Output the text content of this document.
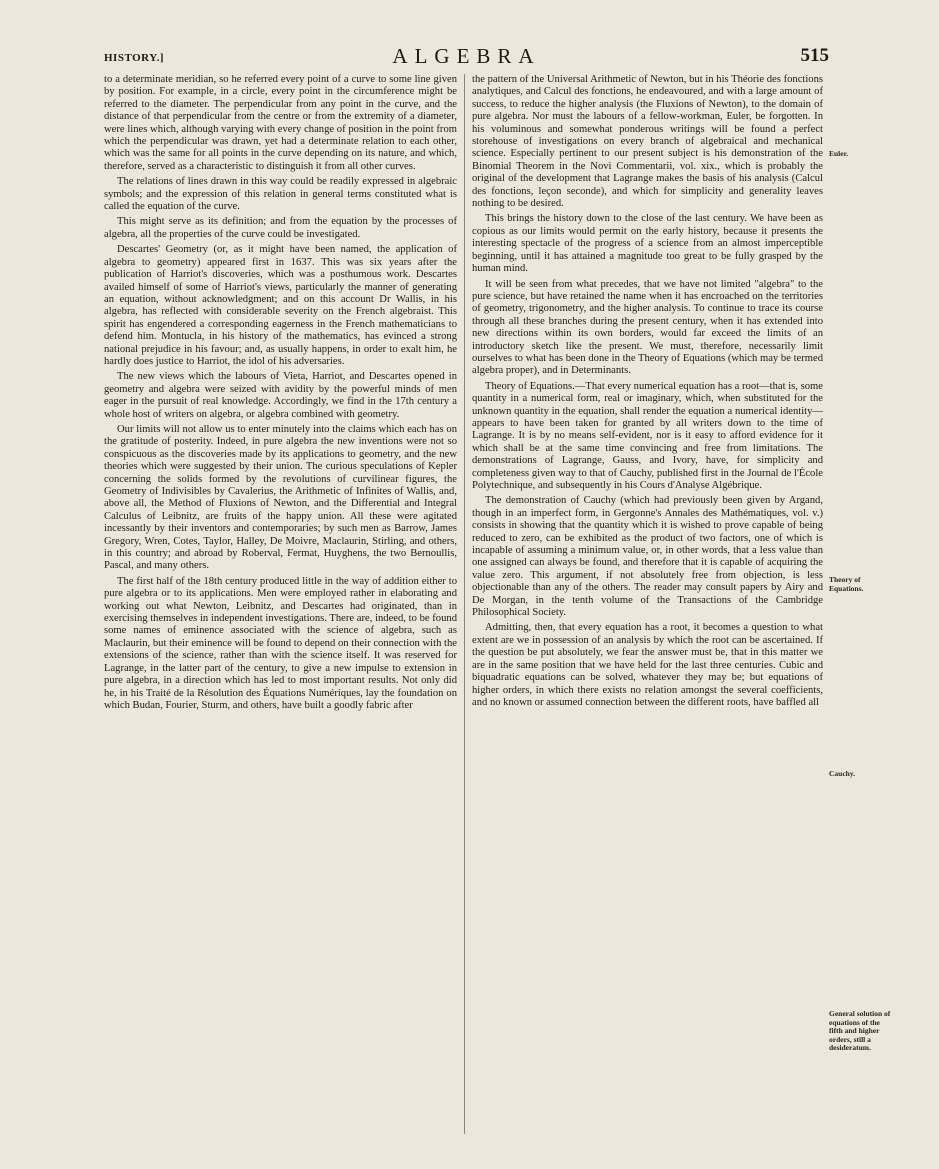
HISTORY.]	ALGEBRA	515

to a determinate meridian, so he referred every point of a curve to some line given by position. For example, in a circle, every point in the circumference might be referred to the diameter. The perpendicular from any point in the curve, and the distance of that perpendicular from the centre or from the extremity of a diameter, were lines which, although varying with every change of position in the point from which the perpendicular was drawn, yet had a determinate relation to each other, which was the same for all points in the curve depending on its nature, and which, therefore, served as a characteristic to distinguish it from all other curves.

The relations of lines drawn in this way could be readily expressed in algebraic symbols; and the expression of this relation in general terms constituted what is called the equation of the curve.

This might serve as its definition; and from the equation by the processes of algebra, all the properties of the curve could be investigated.

Descartes' Geometry (or, as it might have been named, the application of algebra to geometry) appeared first in 1637. This was six years after the publication of Harriot's discoveries, which was a posthumous work. Descartes availed himself of some of Harriot's views, particularly the manner of generating an equation, without acknowledgment; and on this account Dr Wallis, in his algebra, has reflected with considerable severity on the French algebraist. This spirit has engendered a corresponding eagerness in the French mathematicians to defend him. Montucla, in his history of the mathematics, has evinced a strong national prejudice in his favour; and, as usually happens, in order to exalt him, he hardly does justice to Harriot, the idol of his adversaries.

The new views which the labours of Vieta, Harriot, and Descartes opened in geometry and algebra were seized with avidity by the powerful minds of men eager in the pursuit of real knowledge. Accordingly, we find in the 17th century a whole host of writers on algebra, or algebra combined with geometry.

Our limits will not allow us to enter minutely into the claims which each has on the gratitude of posterity. Indeed, in pure algebra the new inventions were not so conspicuous as the discoveries made by its applications to geometry, and the new theories which were suggested by their union. The curious speculations of Kepler concerning the solids formed by the revolutions of curvilinear figures, the Geometry of Indivisibles by Cavalerius, the Arithmetic of Infinites of Wallis, and, above all, the Method of Fluxions of Newton, and the Differential and Integral Calculus of Leibnitz, are fruits of the happy union. All these were agitated incessantly by their inventors and contemporaries; by such men as Barrow, James Gregory, Wren, Cotes, Taylor, Halley, De Moivre, Maclaurin, Stirling, and others, in this country; and abroad by Roberval, Fermat, Huyghens, the two Bernoullis, Pascal, and many others.

The first half of the 18th century produced little in the way of addition either to pure algebra or to its applications. Men were employed rather in elaborating and working out what Newton, Leibnitz, and Descartes had originated, than in exercising themselves in independent investigations. There are, indeed, to be found some names of eminence associated with the science of algebra, such as Maclaurin, but their eminence will be found to depend on their connection with the extensions of the science, rather than with the science itself. It was reserved for Lagrange, in the latter part of the century, to give a new impulse to extension in pure algebra, in a direction which has led to most important results. Not only did he, in his Traité de la Résolution des Équations Numériques, lay the foundation on which Budan, Fourier, Sturm, and others, have built a goodly fabric after

the pattern of the Universal Arithmetic of Newton, but in his Théorie des fonctions analytiques, and Calcul des fonctions, he endeavoured, and with a large amount of success, to reduce the higher analysis (the Fluxions of Newton), to the domain of pure algebra. Nor must the labours of a fellow-workman, Euler, be forgotten. In his voluminous and somewhat ponderous writings will be found a perfect storehouse of investigations on every branch of algebraical and mechanical science. Especially pertinent to our present subject is his demonstration of the Binomial Theorem in the Novi Commentarii, vol. xix., which is probably the original of the development that Lagrange makes the basis of his analysis (Calcul des fonctions, leçon seconde), and which for simplicity and generality leaves nothing to be desired.

This brings the history down to the close of the last century. We have been as copious as our limits would permit on the early history, because it presents the interesting spectacle of the progress of a science from an almost imperceptible beginning, until it has attained a magnitude too great to be fully grasped by the human mind.

It will be seen from what precedes, that we have not limited "algebra" to the pure science, but have retained the name when it has encroached on the territories of geometry, trigonometry, and the higher analysis. To continue to trace its course through all these branches during the present century, when it has extended into new directions within its own borders, would far exceed the limits of an introductory sketch like the present. We must, therefore, necessarily limit ourselves to what has been done in the Theory of Equations (which may be termed algebra proper), and in Determinants.

Theory of Equations.—That every numerical equation has a root—that is, some quantity in a numerical form, real or imaginary, which, when substituted for the unknown quantity in the equation, shall render the equation a numerical identity—appears to have been taken for granted by all writers down to the time of Lagrange. It is by no means self-evident, nor is it easy to afford evidence for it which shall be at the same time convincing and free from limitations. The demonstrations of Lagrange, Gauss, and Ivory, have, for simplicity and completeness given way to that of Cauchy, published first in the Journal de l'École Polytechnique, and subsequently in his Cours d'Analyse Algébrique.

The demonstration of Cauchy (which had previously been given by Argand, though in an imperfect form, in Gergonne's Annales des Mathématiques, vol. v.) consists in showing that the quantity which it is wished to prove capable of being reduced to zero, can be exhibited as the product of two factors, one of which is incapable of assuming a minimum value, or, in other words, that a less value than one assigned can always be found, and therefore that it is capable of acquiring the value zero. This argument, if not absolutely free from objection, is less objectionable than any of the others. The reader may consult papers by Airy and De Morgan, in the tenth volume of the Transactions of the Cambridge Philosophical Society.

Admitting, then, that every equation has a root, it becomes a question to what extent are we in possession of an analysis by which the root can be ascertained. If the question be put absolutely, we fear the answer must be, that in this matter we are in the same position that we have held for the last three centuries. Cubic and biquadratic equations can be solved, whatever they may be; but equations of higher orders, in which there exists no relation amongst the several coefficients, and no known or assumed connection between the different roots, have baffled all

Euler.
Theory of Equations.
Cauchy.
General solution of equations of the fifth and higher orders, still a desideratum.
